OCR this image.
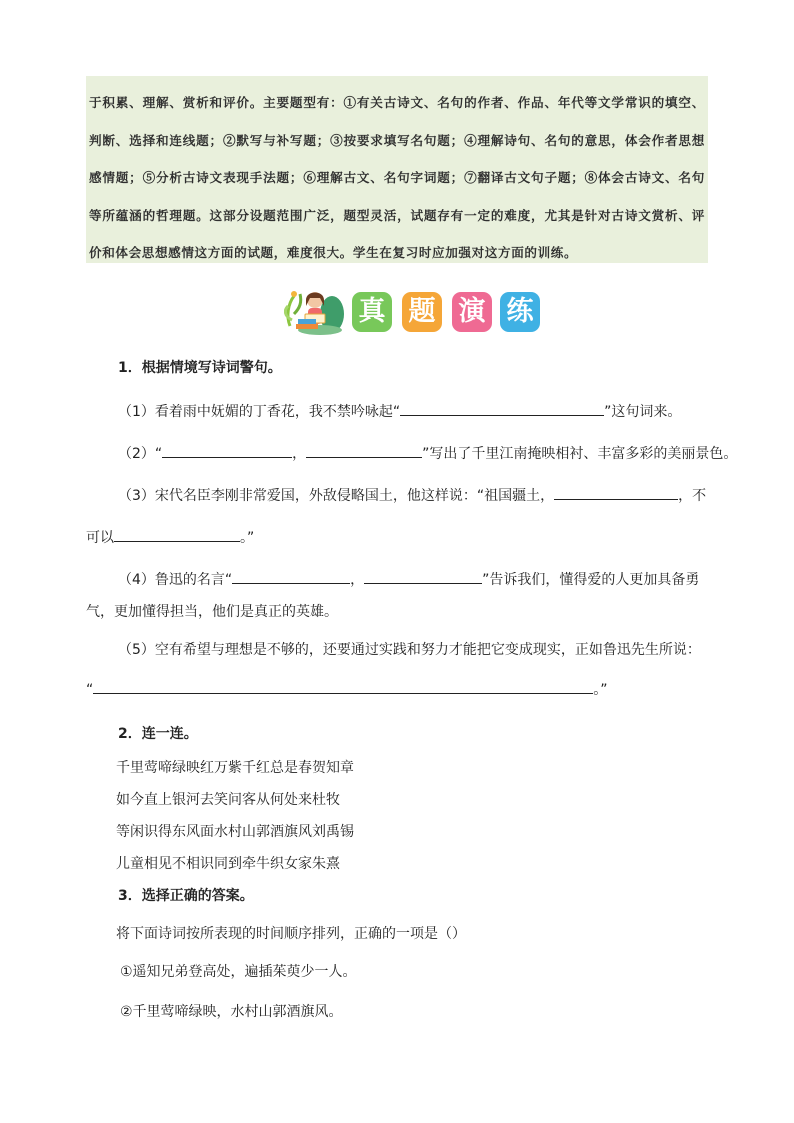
于积累、理解、赏析和评价。主要题型有：①有关古诗文、名句的作者、作品、年代等文学常识的填空、判断、选择和连线题；②默写与补写题；③按要求填写名句题；④理解诗句、名句的意思，体会作者思想感情题；⑤分析古诗文表现手法题；⑥理解古文、名句字词题；⑦翻译古文句子题；⑧体会古诗文、名句等所蕴涵的哲理题。这部分设题范围广泛，题型灵活，试题存有一定的难度，尤其是针对古诗文赏析、评价和体会思想感情这方面的试题，难度很大。学生在复习时应加强对这方面的训练。

真 题 演 练
1．根据情境写诗词警句。
（1）看着雨中妩媚的丁香花，我不禁吟咏起“	”这句词来。
（2）“	，	”写出了千里江南掩映相衬、丰富多彩的美丽景色。
（3）宋代名臣李刚非常爱国，外敌侵略国土，他这样说：“祖国疆土，	，不
可以	。”
（4）鲁迅的名言“	，	”告诉我们，懂得爱的人更加具备勇
气，更加懂得担当，他们是真正的英雄。
（5）空有希望与理想是不够的，还要通过实践和努力才能把它变成现实，正如鲁迅先生所说：
“	。”
2．连一连。
千里莺啼绿映红万紫千红总是春贺知章
如今直上银河去笑问客从何处来杜牧
等闲识得东风面水村山郭酒旗风刘禹锡
儿童相见不相识同到牵牛织女家朱熹
3．选择正确的答案。
将下面诗词按所表现的时间顺序排列，正确的一项是（）
①遥知兄弟登高处，遍插茱萸少一人。
②千里莺啼绿映，水村山郭酒旗风。
